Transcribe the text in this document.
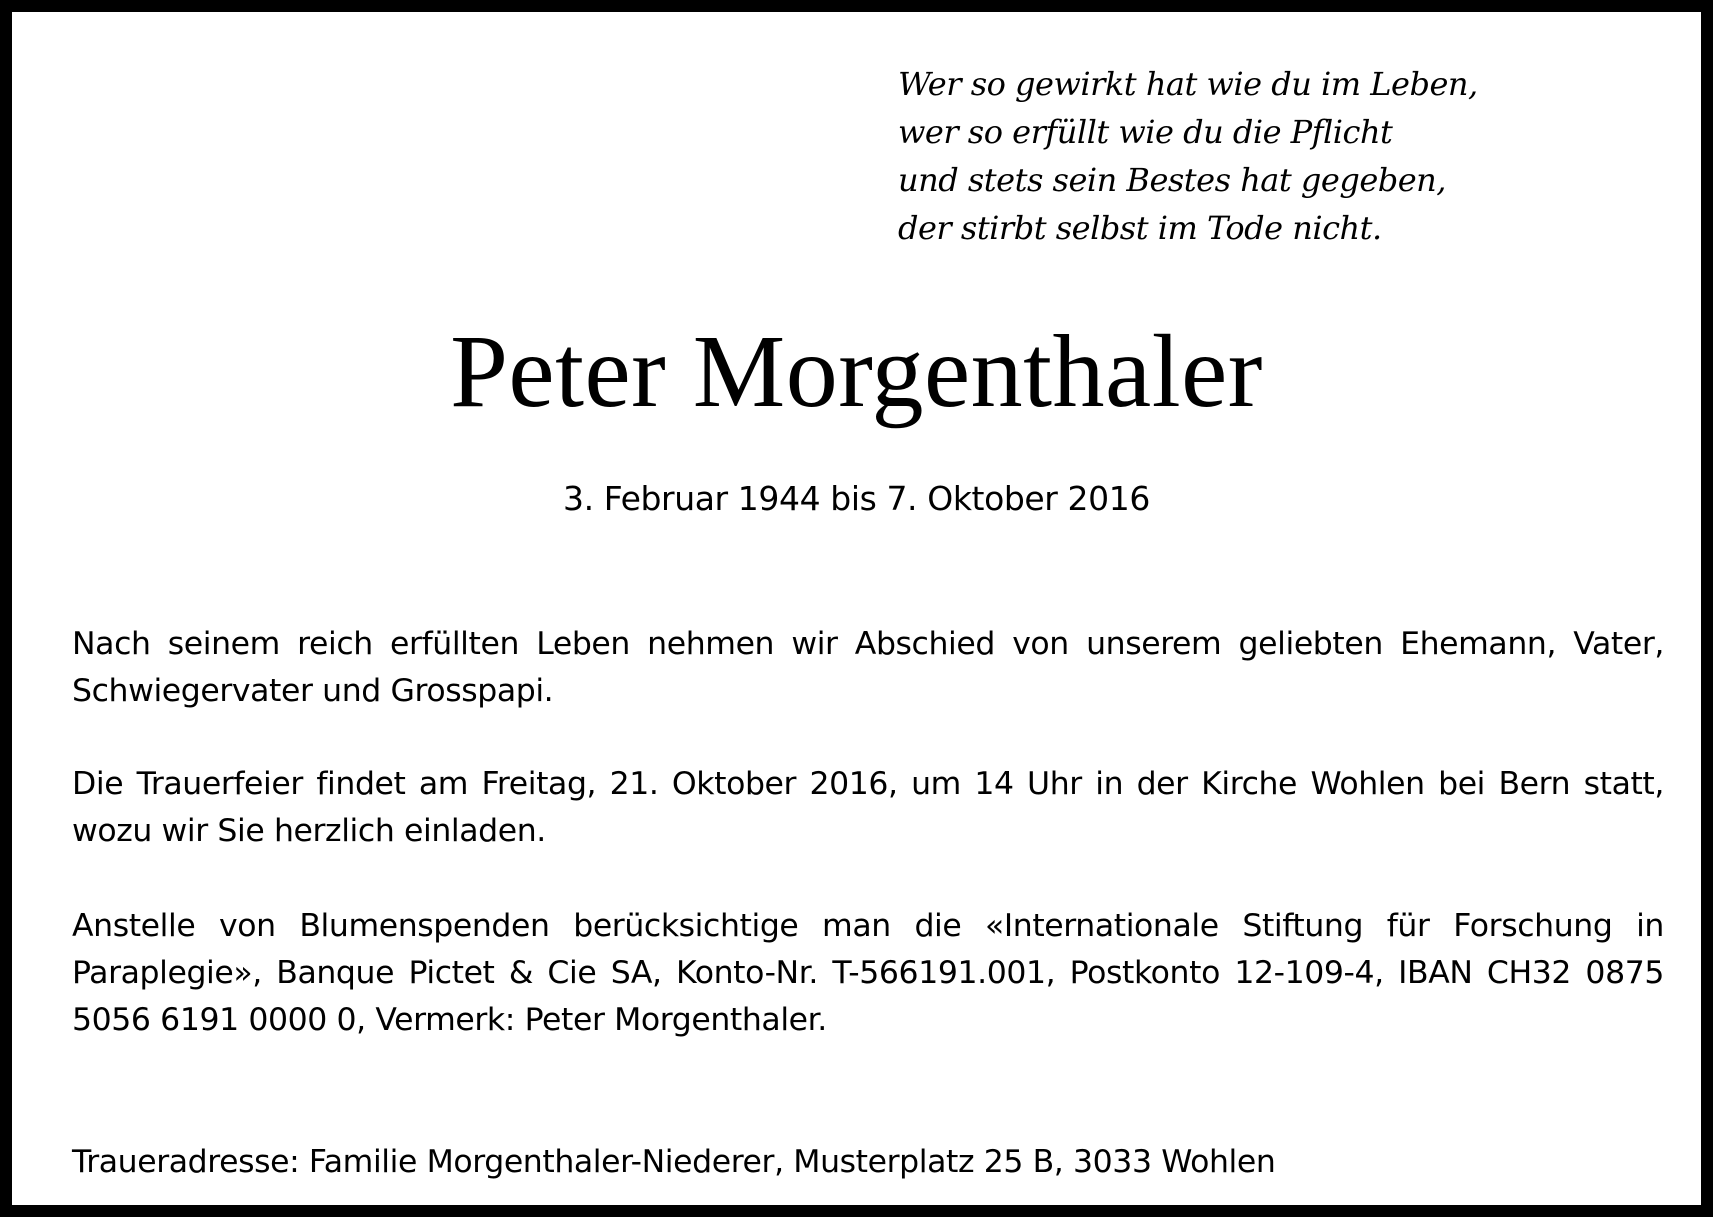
Wer so gewirkt hat wie du im Leben,
wer so erfüllt wie du die Pflicht
und stets sein Bestes hat gegeben,
der stirbt selbst im Tode nicht.
Peter Morgenthaler
3. Februar 1944 bis 7. Oktober 2016
Nach seinem reich erfüllten Leben nehmen wir Abschied von unserem geliebten Ehemann, Vater, Schwiegervater und Grosspapi.
Die Trauerfeier findet am Freitag, 21. Oktober 2016, um 14 Uhr in der Kirche Wohlen bei Bern statt, wozu wir Sie herzlich einladen.
Anstelle von Blumenspenden berücksichtige man die «Internationale Stiftung für Forschung in Paraplegie», Banque Pictet & Cie SA, Konto-Nr. T-566191.001, Postkonto 12-109-4, IBAN CH32 0875 5056 6191 0000 0, Vermerk: Peter Morgenthaler.
Traueradresse: Familie Morgenthaler-Niederer, Musterplatz 25 B, 3033 Wohlen
